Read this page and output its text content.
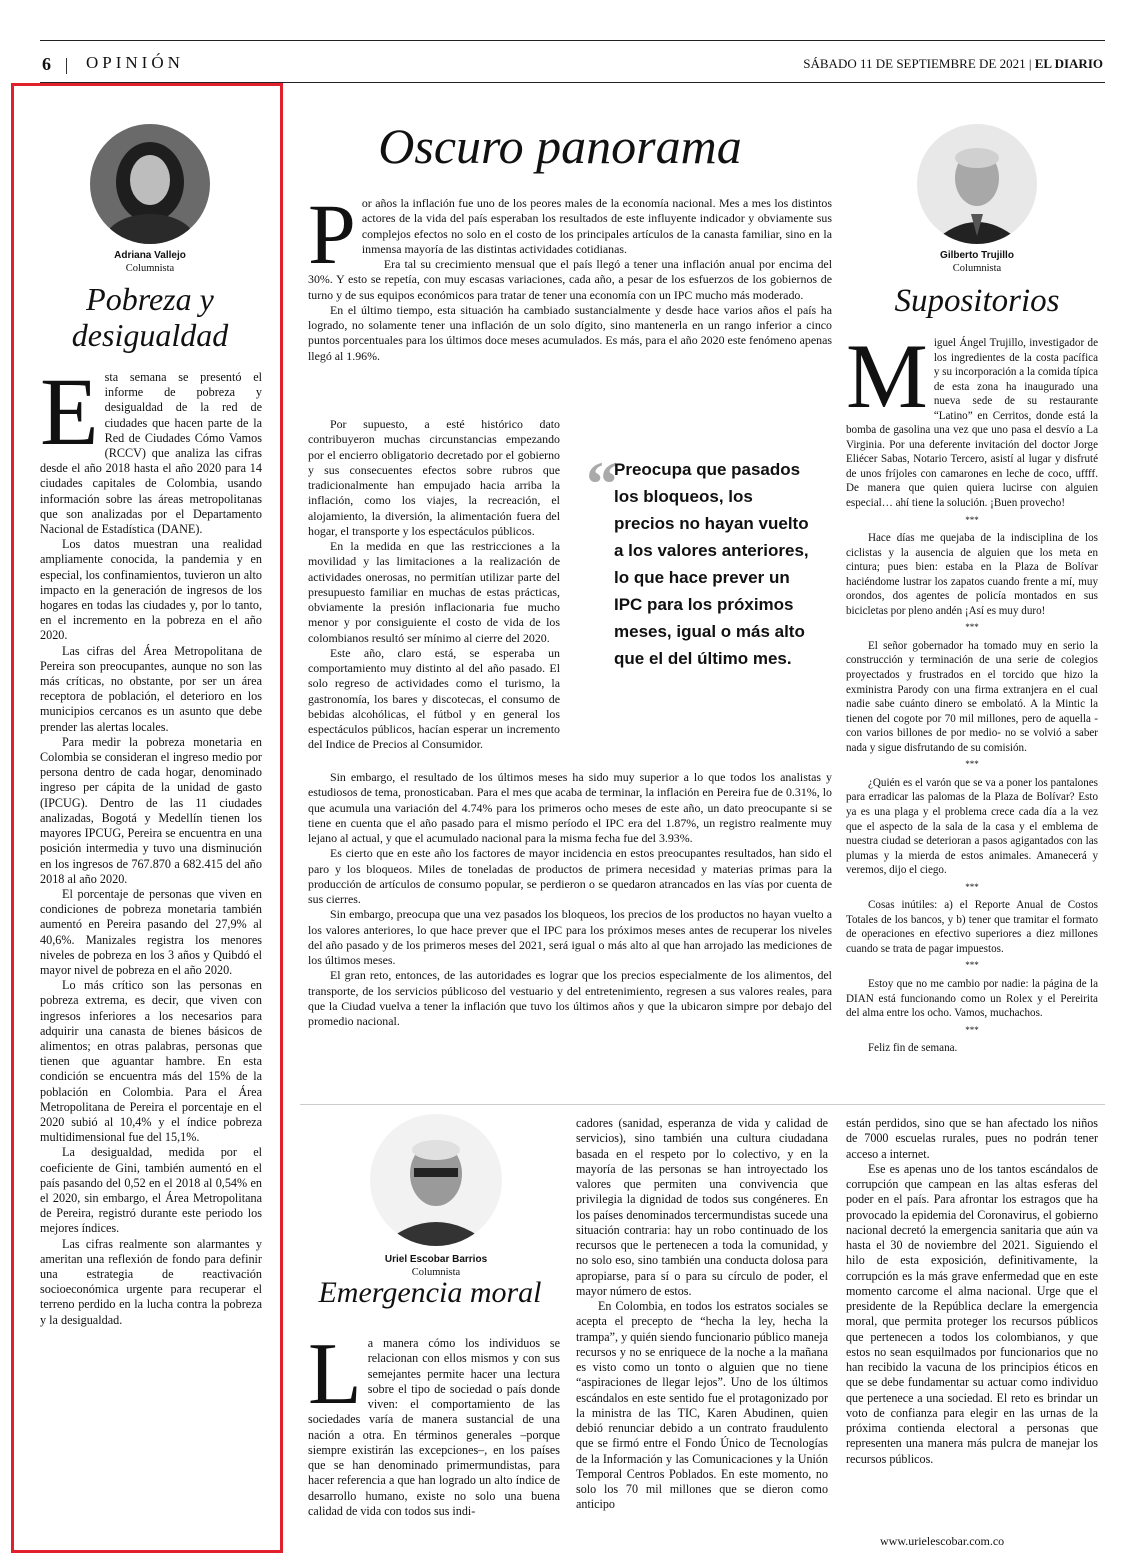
6 OPINIÓN	SÁBADO 11 DE SEPTIEMBRE DE 2021 | EL DIARIO
Adriana Vallejo
Columnista
Pobreza y desigualdad
E sta semana se presentó el informe de pobreza y desigualdad de la red de ciudades que hacen parte de la Red de Ciudades Cómo Vamos (RCCV) que analiza las cifras desde el año 2018 hasta el año 2020 para 14 ciudades capitales de Colombia, usando información sobre las áreas metropolitanas que son analizadas por el Departamento Nacional de Estadística (DANE).

Los datos muestran una realidad ampliamente conocida, la pandemia y en especial, los confinamientos, tuvieron un alto impacto en la generación de ingresos de los hogares en todas las ciudades y, por lo tanto, en el incremento en la pobreza en el año 2020.

Las cifras del Área Metropolitana de Pereira son preocupantes, aunque no son las más críticas, no obstante, por ser un área receptora de población, el deterioro en los municipios cercanos es un asunto que debe prender las alertas locales.

Para medir la pobreza monetaria en Colombia se consideran el ingreso medio por persona dentro de cada hogar, denominado ingreso per cápita de la unidad de gasto (IPCUG). Dentro de las 11 ciudades analizadas, Bogotá y Medellín tienen los mayores IPCUG, Pereira se encuentra en una posición intermedia y tuvo una disminución en los ingresos de 767.870 a 682.415 del año 2018 al año 2020.

El porcentaje de personas que viven en condiciones de pobreza monetaria también aumentó en Pereira pasando del 27,9% al 40,6%. Manizales registra los menores niveles de pobreza en los 3 años y Quibdó el mayor nivel de pobreza en el año 2020.

Lo más crítico son las personas en pobreza extrema, es decir, que viven con ingresos inferiores a los necesarios para adquirir una canasta de bienes básicos de alimentos; en otras palabras, personas que tienen que aguantar hambre. En esta condición se encuentra más del 15% de la población en Colombia. Para el Área Metropolitana de Pereira el porcentaje en el 2020 subió al 10,4% y el índice pobreza multidimensional fue del 15,1%.

La desigualdad, medida por el coeficiente de Gini, también aumentó en el país pasando del 0,52 en el 2018 al 0,54% en el 2020, sin embargo, el Área Metropolitana de Pereira, registró durante este periodo los mejores índices.

Las cifras realmente son alarmantes y ameritan una reflexión de fondo para definir una estrategia de reactivación socioeconómica urgente para recuperar el terreno perdido en la lucha contra la pobreza y la desigualdad.

Oscuro panorama
P or años la inflación fue uno de los peores males de la economía nacional. Mes a mes los distintos actores de la vida del país esperaban los resultados de este influyente indicador y obviamente sus complejos efectos no solo en el costo de los principales artículos de la canasta familiar, sino en la inmensa mayoría de las distintas actividades cotidianas.

Era tal su crecimiento mensual que el país llegó a tener una inflación anual por encima del 30%. Y esto se repetía, con muy escasas variaciones, cada año, a pesar de los esfuerzos de los gobiernos de turno y de sus equipos económicos para tratar de tener una economía con un IPC mucho más moderado.

En el último tiempo, esta situación ha cambiado sustancialmente y desde hace varios años el país ha logrado, no solamente tener una inflación de un solo dígito, sino mantenerla en un rango inferior a cinco puntos porcentuales para los últimos doce meses acumulados. Es más, para el año 2020 este fenómeno apenas llegó al 1.96%.

Por supuesto, a esté histórico dato contribuyeron muchas circunstancias empezando por el encierro obligatorio decretado por el gobierno y sus consecuentes efectos sobre rubros que tradicionalmente han empujado hacia arriba la inflación, como los viajes, la recreación, el alojamiento, la diversión, la alimentación fuera del hogar, el transporte y los espectáculos públicos.

En la medida en que las restricciones a la movilidad y las limitaciones a la realización de actividades onerosas, no permitían utilizar parte del presupuesto familiar en muchas de estas prácticas, obviamente la presión inflacionaria fue mucho menor y por consiguiente el costo de vida de los colombianos resultó ser mínimo al cierre del 2020.

Este año, claro está, se esperaba un comportamiento muy distinto al del año pasado. El solo regreso de actividades como el turismo, la gastronomía, los bares y discotecas, el consumo de bebidas alcohólicas, el fútbol y en general los espectáculos públicos, hacían esperar un incremento del Indice de Precios al Consumidor.

“
Preocupa que pasados los bloqueos, los precios no hayan vuelto a los valores anteriores, lo que hace prever un IPC para los próximos meses, igual o más alto que el del último mes.

Sin embargo, el resultado de los últimos meses ha sido muy superior a lo que todos los analistas y estudiosos de tema, pronosticaban. Para el mes que acaba de terminar, la inflación en Pereira fue de 0.31%, lo que acumula una variación del 4.74% para los primeros ocho meses de este año, un dato preocupante si se tiene en cuenta que el año pasado para el mismo período el IPC era del 1.87%, un registro realmente muy lejano al actual, y que el acumulado nacional para la misma fecha fue del 3.93%.

Es cierto que en este año los factores de mayor incidencia en estos preocupantes resultados, han sido el paro y los bloqueos. Miles de toneladas de productos de primera necesidad y materias primas para la producción de artículos de consumo popular, se perdieron o se quedaron atrancados en las vías por cuenta de sus cierres.

Sin embargo, preocupa que una vez pasados los bloqueos, los precios de los productos no hayan vuelto a los valores anteriores, lo que hace prever que el IPC para los próximos meses antes de recuperar los niveles del año pasado y de los primeros meses del 2021, será igual o más alto al que han arrojado las mediciones de los últimos meses.

El gran reto, entonces, de las autoridades es lograr que los precios especialmente de los alimentos, del transporte, de los servicios públicoso del vestuario y del entretenimiento, regresen a sus valores reales, para que la Ciudad vuelva a tener la inflación que tuvo los últimos años y que la ubicaron simpre por debajo del promedio nacional.

Gilberto Trujillo
Columnista
Supositorios
M iguel Ángel Trujillo, investigador de los ingredientes de la costa pacífica y su incorporación a la comida típica de esta zona ha inaugurado una nueva sede de su restaurante “Latino” en Cerritos, donde está la bomba de gasolina una vez que uno pasa el desvío a La Virginia. Por una deferente invitación del doctor Jorge Eliécer Sabas, Notario Tercero, asistí al lugar y disfruté de unos fríjoles con camarones en leche de coco, uffff. De manera que quien quiera lucirse con alguien especial… ahí tiene la solución. ¡Buen provecho!

***

Hace días me quejaba de la indisciplina de los ciclistas y la ausencia de alguien que los meta en cintura; pues bien: estaba en la Plaza de Bolívar haciéndome lustrar los zapatos cuando frente a mí, muy orondos, dos agentes de policía montados en sus bicicletas por pleno andén ¡Así es muy duro!

***

El señor gobernador ha tomado muy en serio la construcción y terminación de una serie de colegios proyectados y frustrados en el torcido que hizo la exministra Parody con una firma extranjera en el cual nadie sabe cuánto dinero se embolató. A la Mintic la tienen del cogote por 70 mil millones, pero de aquella -con varios billones de por medio- no se volvió a saber nada y sigue disfrutando de su comisión.

***

¿Quién es el varón que se va a poner los pantalones para erradicar las palomas de la Plaza de Bolívar? Esto ya es una plaga y el problema crece cada día a la vez que el aspecto de la sala de la casa y el emblema de nuestra ciudad se deterioran a pasos agigantados con las plumas y la mierda de estos animales. Amanecerá y veremos, dijo el ciego.

***

Cosas inútiles: a) el Reporte Anual de Costos Totales de los bancos, y b) tener que tramitar el formato de operaciones en efectivo superiores a diez millones cuando se trata de pagar impuestos.

***

Estoy que no me cambio por nadie: la página de la DIAN está funcionando como un Rolex y el Pereirita del alma entre los ocho. Vamos, muchachos.

***

Feliz fin de semana.

Uriel Escobar Barrios
Columnista
Emergencia moral
L a manera cómo los individuos se relacionan con ellos mismos y con sus semejantes permite hacer una lectura sobre el tipo de sociedad o país donde viven: el comportamiento de las sociedades varía de manera sustancial de una nación a otra. En términos generales –porque siempre existirán las excepciones–, en los países que se han denominado primermundistas, para hacer referencia a que han logrado un alto índice de desarrollo humano, existe no solo una buena calidad de vida con todos sus indi-

cadores (sanidad, esperanza de vida y calidad de servicios), sino también una cultura ciudadana basada en el respeto por lo colectivo, y en la mayoría de las personas se han introyectado los valores que permiten una convivencia que privilegia la dignidad de todos sus congéneres. En los países denominados tercermundistas sucede una situación contraria: hay un robo continuado de los recursos que le pertenecen a toda la comunidad, y no solo eso, sino también una conducta dolosa para apropiarse, para sí o para su círculo de poder, el mayor número de estos.

En Colombia, en todos los estratos sociales se acepta el precepto de “hecha la ley, hecha la trampa”, y quién siendo funcionario público maneja recursos y no se enriquece de la noche a la mañana es visto como un tonto o alguien que no tiene “aspiraciones de llegar lejos”. Uno de los últimos escándalos en este sentido fue el protagonizado por la ministra de las TIC, Karen Abudinen, quien debió renunciar debido a un contrato fraudulento que se firmó entre el Fondo Único de Tecnologías de la Información y las Comunicaciones y la Unión Temporal Centros Poblados. En este momento, no solo los 70 mil millones que se dieron como anticipo

están perdidos, sino que se han afectado los niños de 7000 escuelas rurales, pues no podrán tener acceso a internet.

Ese es apenas uno de los tantos escándalos de corrupción que campean en las altas esferas del poder en el país. Para afrontar los estragos que ha provocado la epidemia del Coronavirus, el gobierno nacional decretó la emergencia sanitaria que aún va hasta el 30 de noviembre del 2021. Siguiendo el hilo de esta exposición, definitivamente, la corrupción es la más grave enfermedad que en este momento carcome el alma nacional. Urge que el presidente de la República declare la emergencia moral, que permita proteger los recursos públicos que pertenecen a todos los colombianos, y que estos no sean esquilmados por funcionarios que no han recibido la vacuna de los principios éticos en que se debe fundamentar su actuar como individuo que pertenece a una sociedad. El reto es brindar un voto de confianza para elegir en las urnas de la próxima contienda electoral a personas que representen una manera más pulcra de manejar los recursos públicos.

www.urielescobar.com.co
